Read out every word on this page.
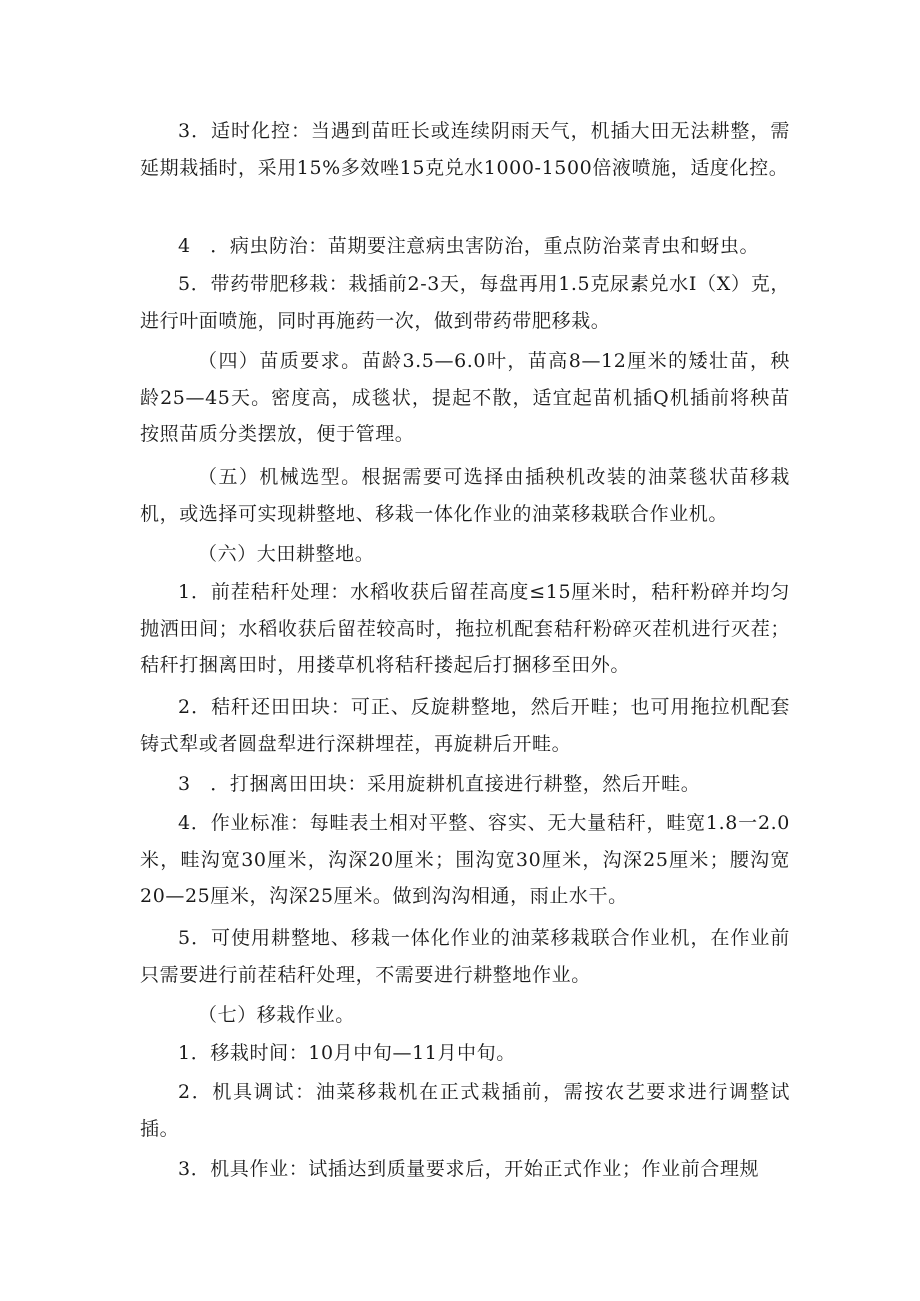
3．适时化控：当遇到苗旺长或连续阴雨天气，机插大田无法耕整，需延期栽插时，采用15%多效唑15克兑水1000-1500倍液喷施，适度化控。

4　．病虫防治：苗期要注意病虫害防治，重点防治菜青虫和蚜虫。

5．带药带肥移栽：栽插前2-3天，每盘再用1.5克尿素兑水I（X）克，进行叶面喷施，同时再施药一次，做到带药带肥移栽。

（四）苗质要求。苗龄3.5—6.0叶，苗高8—12厘米的矮壮苗，秧龄25—45天。密度高，成毯状，提起不散，适宜起苗机插Q机插前将秧苗按照苗质分类摆放，便于管理。

（五）机械选型。根据需要可选择由插秧机改装的油菜毯状苗移栽机，或选择可实现耕整地、移栽一体化作业的油菜移栽联合作业机。

（六）大田耕整地。

1．前茬秸秆处理：水稻收获后留茬高度≤15厘米时，秸秆粉碎并均匀抛洒田间；水稻收获后留茬较高时，拖拉机配套秸秆粉碎灭茬机进行灭茬；秸秆打捆离田时，用搂草机将秸秆搂起后打捆移至田外。

2．秸秆还田田块：可正、反旋耕整地，然后开畦；也可用拖拉机配套铸式犁或者圆盘犁进行深耕埋茬，再旋耕后开畦。

3　．打捆离田田块：采用旋耕机直接进行耕整，然后开畦。

4．作业标准：每畦表土相对平整、容实、无大量秸秆，畦宽1.8一2.0米，畦沟宽30厘米，沟深20厘米；围沟宽30厘米，沟深25厘米；腰沟宽20—25厘米，沟深25厘米。做到沟沟相通，雨止水干。

5．可使用耕整地、移栽一体化作业的油菜移栽联合作业机，在作业前只需要进行前茬秸秆处理，不需要进行耕整地作业。

（七）移栽作业。

1．移栽时间：10月中旬—11月中旬。

2．机具调试：油菜移栽机在正式栽插前，需按农艺要求进行调整试插。

3．机具作业：试插达到质量要求后，开始正式作业；作业前合理规
